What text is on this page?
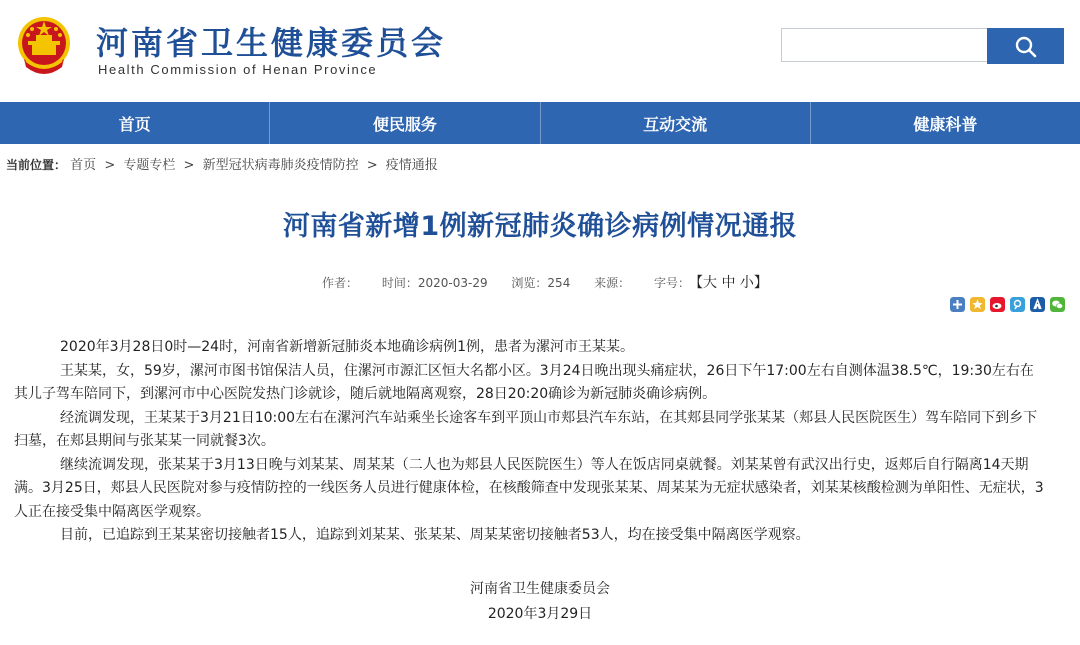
河南省卫生健康委员会
Health Commission of Henan Province
首页	便民服务	互动交流	健康科普
当前位置： 首页 > 专题专栏 > 新型冠状病毒肺炎疫情防控 > 疫情通报
河南省新增1例新冠肺炎确诊病例情况通报
作者： 时间：2020-03-29 浏览：254 来源： 字号： 【大 中 小】

2020年3月28日0时—24时，河南省新增新冠肺炎本地确诊病例1例，患者为漯河市王某某。

王某某，女，59岁，漯河市图书馆保洁人员，住漯河市源汇区恒大名都小区。3月24日晚出现头痛症状，26日下午17:00左右自测体温38.5℃，19:30左右在其儿子驾车陪同下，到漯河市中心医院发热门诊就诊，随后就地隔离观察，28日20:20确诊为新冠肺炎确诊病例。

经流调发现，王某某于3月21日10:00左右在漯河汽车站乘坐长途客车到平顶山市郏县汽车东站，在其郏县同学张某某（郏县人民医院医生）驾车陪同下到乡下扫墓，在郏县期间与张某某一同就餐3次。

继续流调发现，张某某于3月13日晚与刘某某、周某某（二人也为郏县人民医院医生）等人在饭店同桌就餐。刘某某曾有武汉出行史，返郏后自行隔离14天期满。3月25日，郏县人民医院对参与疫情防控的一线医务人员进行健康体检，在核酸筛查中发现张某某、周某某为无症状感染者，刘某某核酸检测为单阳性、无症状，3人正在接受集中隔离医学观察。

目前，已追踪到王某某密切接触者15人，追踪到刘某某、张某某、周某某密切接触者53人，均在接受集中隔离医学观察。

河南省卫生健康委员会
2020年3月29日
